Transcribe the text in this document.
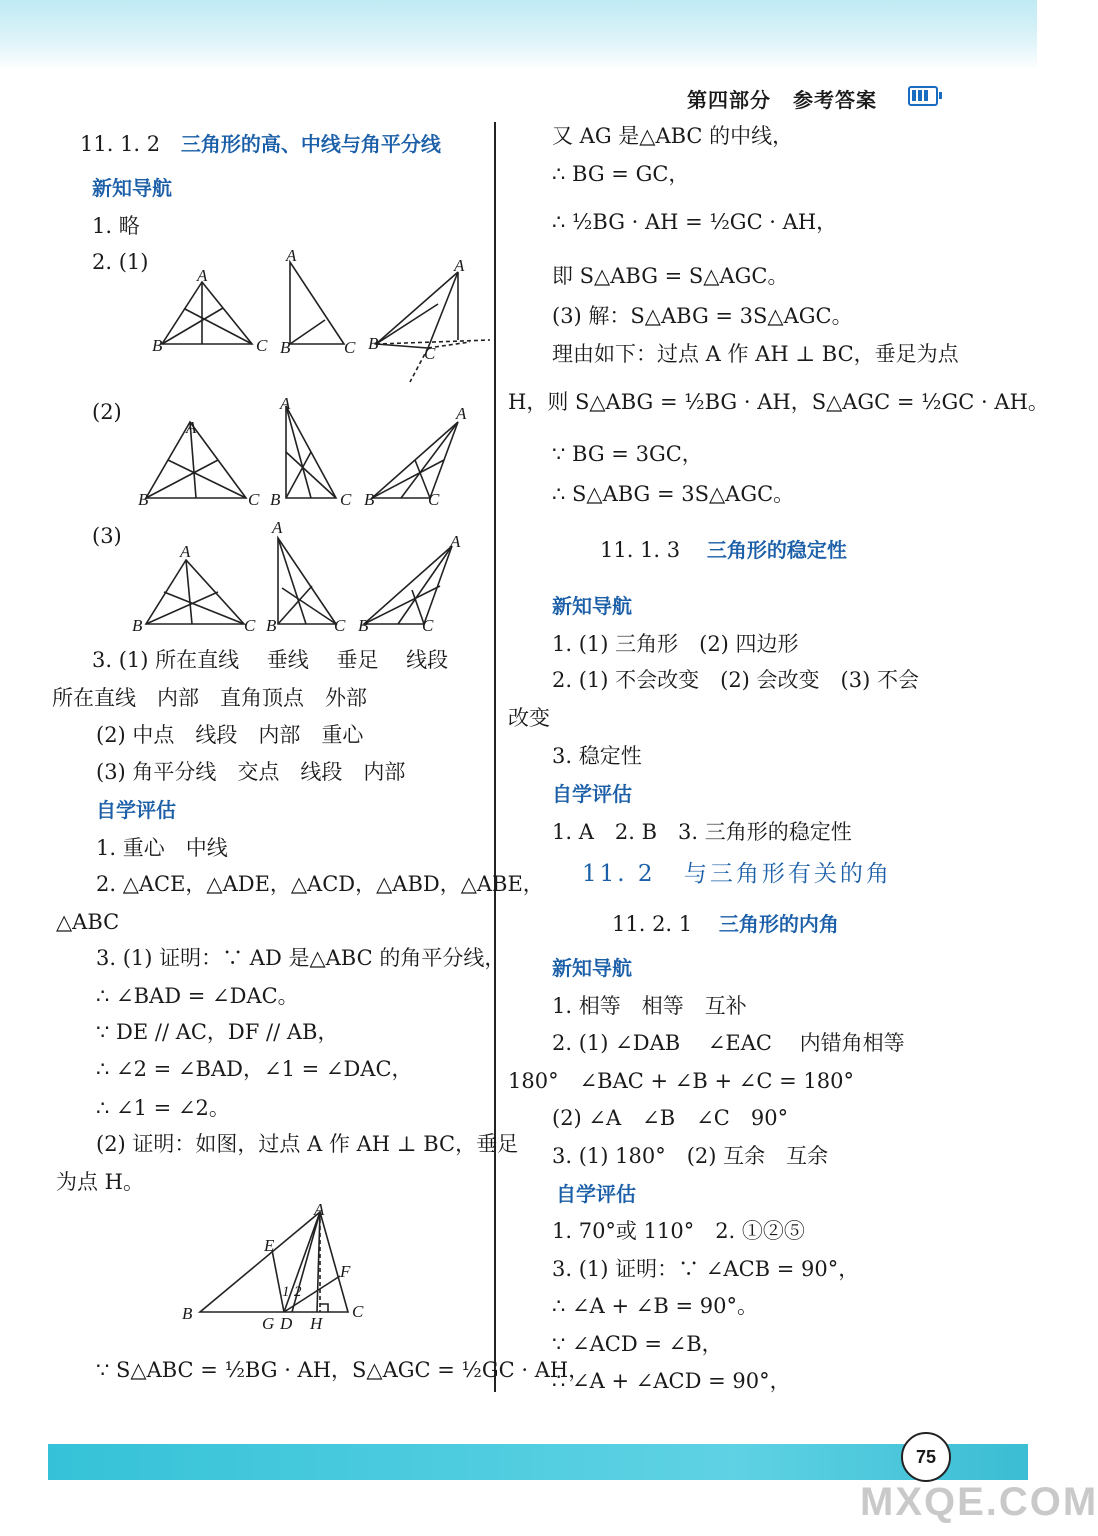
第四部分 参考答案
11. 1. 2 三角形的高、中线与角平分线
新知导航
1. 略
2. (1)
A
B	C
A
B	C
A
B
C
(2)
A
B	C
A
B	C
A
B	C
(3)
A
B	C
A
B	C
A
B	C
3. (1) 所在直线　 垂线　 垂足　 线段
所在直线　内部　直角顶点　外部
(2) 中点　线段　内部　重心
(3) 角平分线　交点　线段　内部
自学评估
1. 重心　中线
2. △ACE，△ADE，△ACD，△ABD，△ABE，
△ABC
3. (1) 证明：∵ AD 是△ABC 的角平分线，
∴ ∠BAD = ∠DAC。
∵ DE // AC，DF // AB，
∴ ∠2 = ∠BAD，∠1 = ∠DAC，
∴ ∠1 = ∠2。
(2) 证明：如图，过点 A 作 AH ⊥ BC，垂足
为点 H。
A
E
F
B	C
G D H
1 2
∵ S△ABC = ½BG · AH，S△AGC = ½GC · AH，
又 AG 是△ABC 的中线，
∴ BG = GC，
∴ ½BG · AH = ½GC · AH，
即 S△ABG = S△AGC。
(3) 解：S△ABG = 3S△AGC。
理由如下：过点 A 作 AH ⊥ BC，垂足为点
H，则 S△ABG = ½BG · AH，S△AGC = ½GC · AH。
∵ BG = 3GC，
∴ S△ABG = 3S△AGC。
11. 1. 3 三角形的稳定性
新知导航
1. (1) 三角形　(2) 四边形
2. (1) 不会改变　(2) 会改变　(3) 不会
改变
3. 稳定性
自学评估
1. A　2. B　3. 三角形的稳定性
11. 2 与三角形有关的角
11. 2. 1 三角形的内角
新知导航
1. 相等　相等　互补
2. (1) ∠DAB　 ∠EAC　 内错角相等
180°　∠BAC + ∠B + ∠C = 180°
(2) ∠A　∠B　∠C　90°
3. (1) 180°　(2) 互余　互余
自学评估
1. 70°或 110°　2. ①②⑤
3. (1) 证明：∵ ∠ACB = 90°，
∴ ∠A + ∠B = 90°。
∵ ∠ACD = ∠B，
∴ ∠A + ∠ACD = 90°，
75
MXQE.COM
